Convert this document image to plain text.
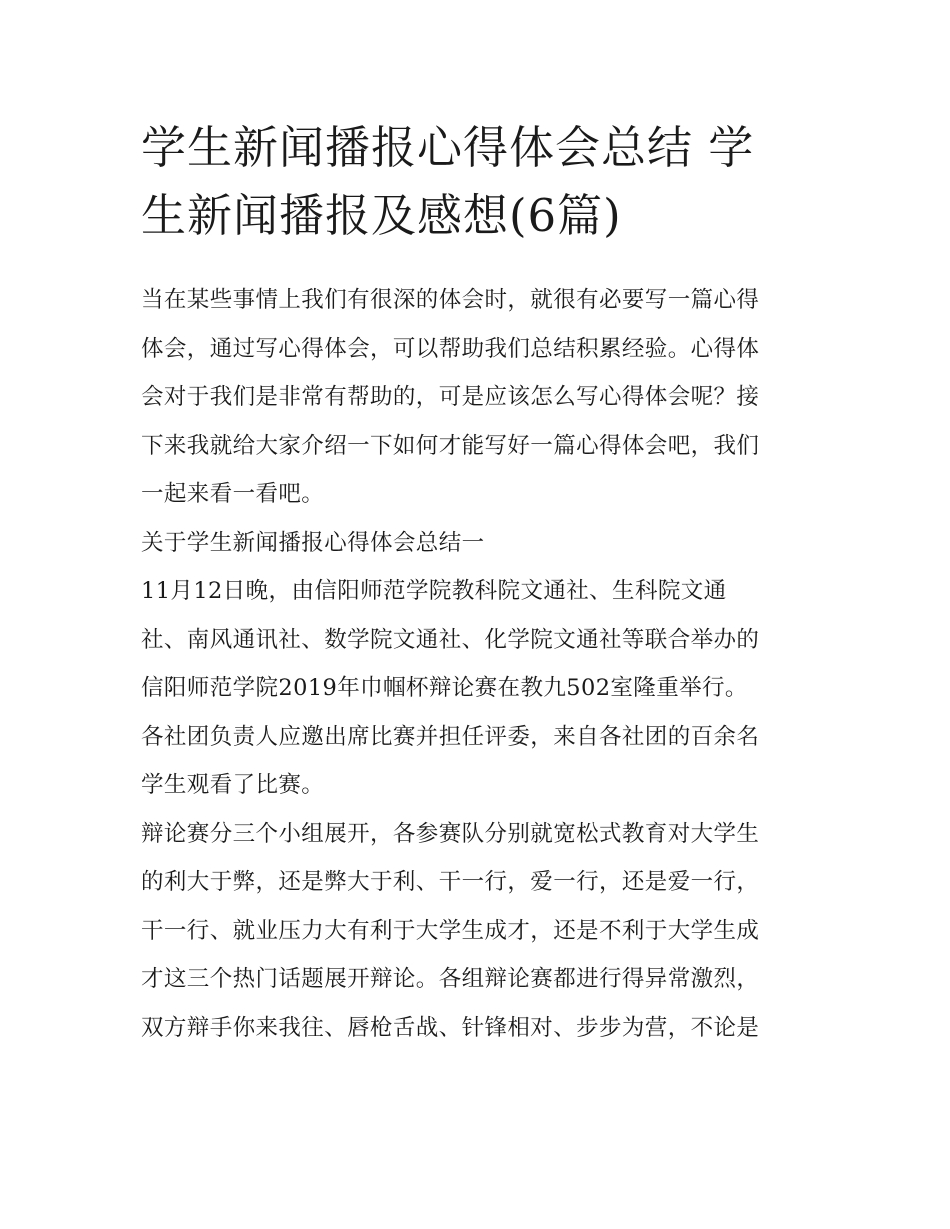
学生新闻播报心得体会总结 学
生新闻播报及感想(6篇)

当在某些事情上我们有很深的体会时，就很有必要写一篇心得
体会，通过写心得体会，可以帮助我们总结积累经验。心得体
会对于我们是非常有帮助的，可是应该怎么写心得体会呢？接
下来我就给大家介绍一下如何才能写好一篇心得体会吧，我们
一起来看一看吧。

关于学生新闻播报心得体会总结一

11月12日晚，由信阳师范学院教科院文通社、生科院文通
社、南风通讯社、数学院文通社、化学院文通社等联合举办的
信阳师范学院2019年巾帼杯辩论赛在教九502室隆重举行。

各社团负责人应邀出席比赛并担任评委，来自各社团的百余名
学生观看了比赛。

辩论赛分三个小组展开，各参赛队分别就宽松式教育对大学生
的利大于弊，还是弊大于利、干一行，爱一行，还是爱一行，
干一行、就业压力大有利于大学生成才，还是不利于大学生成
才这三个热门话题展开辩论。各组辩论赛都进行得异常激烈，
双方辩手你来我往、唇枪舌战、针锋相对、步步为营，不论是
